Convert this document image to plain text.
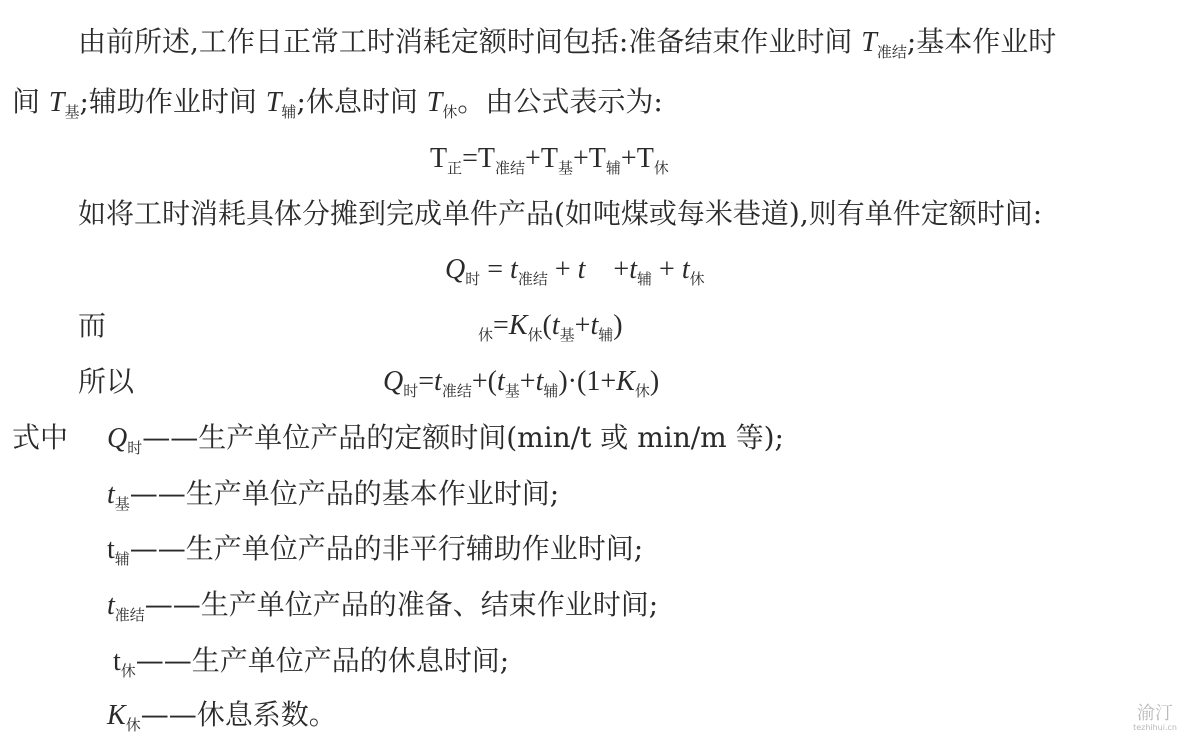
由前所述,工作日正常工时消耗定额时间包括:准备结束作业时间 $T_{准结}$;基本作业时
间 $T_基$;辅助作业时间 $T_辅$;休息时间 $T_休$。由公式表示为:
$T_正=T_{准结}+T_基+T_辅+T_休$
如将工时消耗具体分摊到完成单件产品(如吨煤或每米巷道),则有单件定额时间:
$Q_时 = t_{准结} + t +t_辅 + t_休$
而	$_休=K_休(t_基+t_辅)$
所以	$Q_时=t_{准结}+(t_基+t_辅)\cdot(1+K_休)$
式中 $Q_时——$生产单位产品的定额时间(min/t 或 min/m 等);
$t_基——$生产单位产品的基本作业时间;
$t_辅——$生产单位产品的非平行辅助作业时间;
$t_{准结}——$生产单位产品的准备、结束作业时间;
$t_休——$生产单位产品的休息时间;
$K_休——$休息系数。	渝汀
tezhihui.cn
